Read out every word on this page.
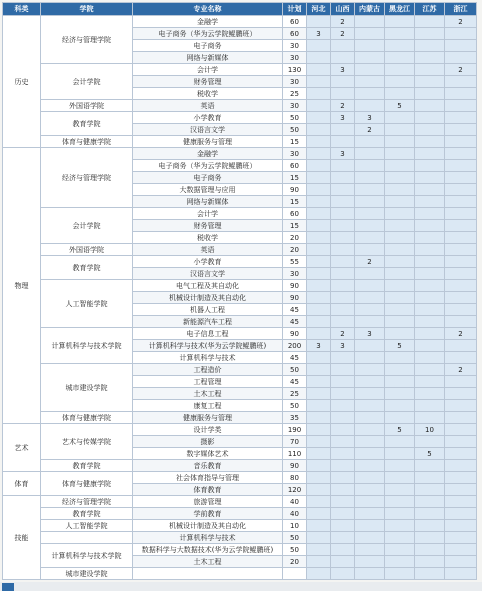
科类	学院	专业名称	计划	河北	山西	内蒙古	黑龙江	江苏	浙江
历史	经济与管理学院	金融学	60		2				2
		电子商务（华为云学院鲲鹏班）	60	3	2				
		电子商务	30						
		网络与新媒体	30						
	会计学院	会计学	130		3				2
		财务管理	30						
		税收学	25						
	外国语学院	英语	30		2		5		
	教育学院	小学教育	50		3	3			
		汉语言文学	50			2			
	体育与健康学院	健康服务与管理	15						
物理	经济与管理学院	金融学	30		3				
		电子商务（华为云学院鲲鹏班）	60						
		电子商务	15						
		大数据管理与应用	90						
		网络与新媒体	15						
	会计学院	会计学	60						
		财务管理	15						
		税收学	20						
	外国语学院	英语	20						
	教育学院	小学教育	55			2			
		汉语言文学	30						
	人工智能学院	电气工程及其自动化	90						
		机械设计制造及其自动化	90						
		机器人工程	45						
		新能源汽车工程	45						
	计算机科学与技术学院	电子信息工程	90		2	3			2
		计算机科学与技术(华为云学院鲲鹏班)	200	3	3		5		
		计算机科学与技术	45						
	城市建设学院	工程造价	50						2
		工程管理	45						
		土木工程	25						
		康复工程	50						
	体育与健康学院	健康服务与管理	35						
艺术	艺术与传媒学院	设计学类	190				5	10	
		摄影	70						
		数字媒体艺术	110					5	
	教育学院	音乐教育	90						
体育	体育与健康学院	社会体育指导与管理	80						
		体育教育	120						
技能	经济与管理学院	旅游管理	40						
	教育学院	学前教育	40						
	人工智能学院	机械设计制造及其自动化	10						
		计算机科学与技术	50						
	计算机科学与技术学院	数据科学与大数据技术(华为云学院鲲鹏班)	50						
		土木工程	20						
	城市建设学院								
